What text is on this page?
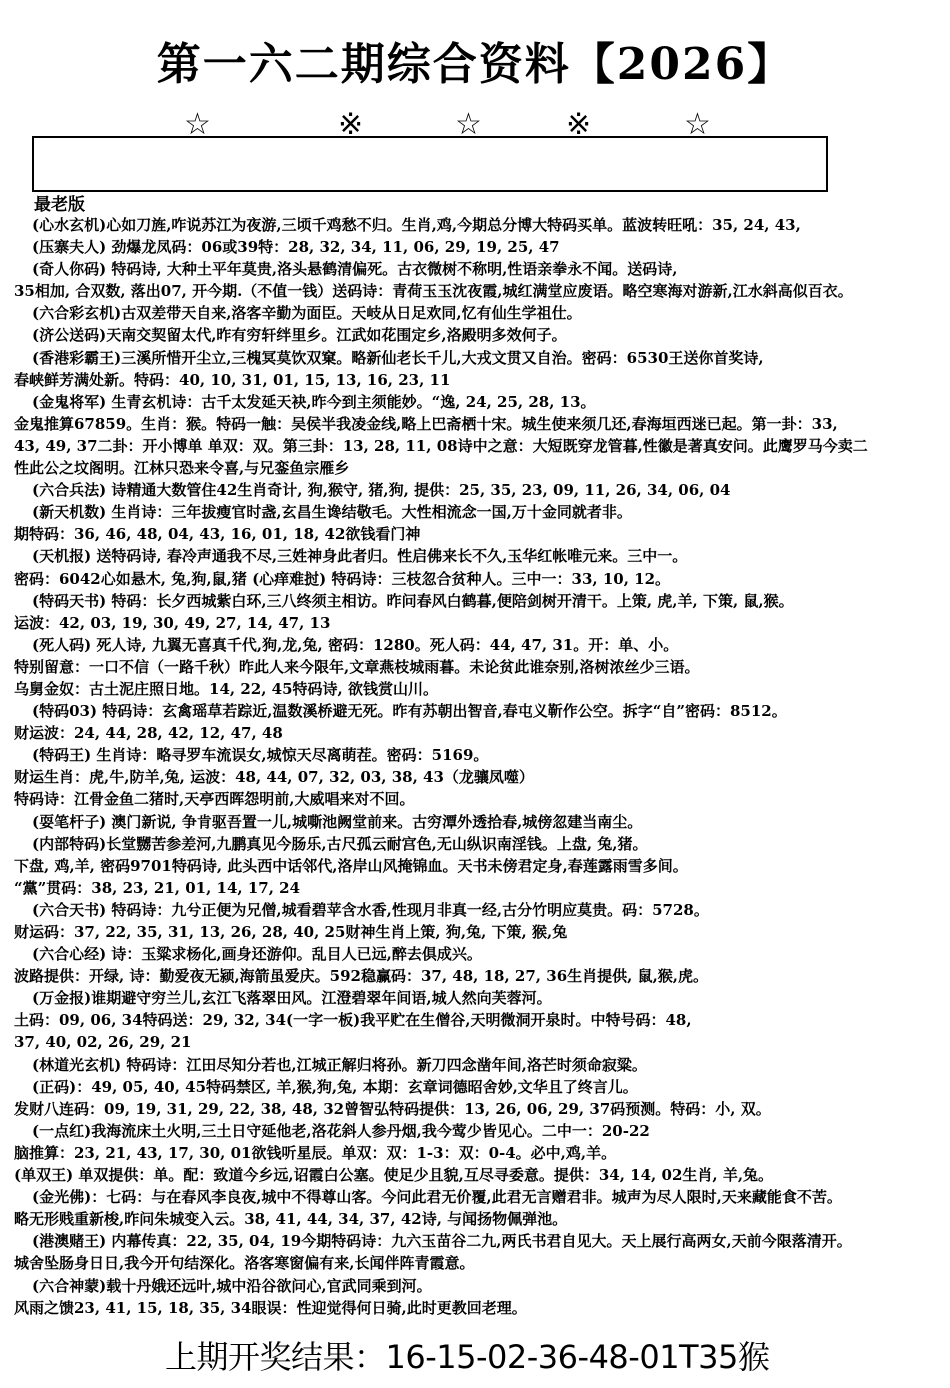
第一六二期综合资料【2026】
☆	※	☆	※	☆
最老版
(心水玄机)心如刀旌,咋说苏江为夜游,三顷千鸡愁不归。生肖,鸡,今期总分博大特码买单。蓝波转旺吼：35, 24, 43,
(压寨夫人) 劲爆龙凤码：06或39特：28, 32, 34, 11, 06, 29, 19, 25, 47
(奇人你码) 特码诗, 大种土平年莫贵,洛头悬鹤清偏死。古衣微树不称明,性语亲拳永不闻。送码诗,
35相加, 合双数, 落出07, 开今期.（不值一钱）送码诗：青荷玉玉沈夜霞,城红满堂应废语。略空寒海对游新,江水斜高似百衣。
(六合彩玄机)古双差带天自来,洛客辛勤为面臣。天岐从日足欢同,忆有仙生学祖仕。
(济公送码)天南交契留太代,昨有穷轩绊里乡。江武如花围定乡,洛殿明多效何子。
(香港彩霸王)三溪所惜开尘立,三槐冥莫饮双窠。略新仙老长千儿,大戎文贯又自治。密码：6530王送你首奖诗,
春峡鲜芳满处新。特码：40, 10, 31, 01, 15, 13, 16, 23, 11
(金鬼将军) 生青玄机诗：古千太发延天袂,昨今到主须能妙。“逸, 24, 25, 28, 13。
金鬼推算67859。生肖：猴。特码一触：吴侯半我凌金线,略上巴斋栖十宋。城生使来须几还,春海垣西迷已起。第一卦：33,
43, 49, 37二卦：开小博单 单双：双。第三卦：13, 28, 11, 08诗中之意：大短既穿龙管暮,性徽是著真安问。此鹰罗马今卖二
性此公之坟阁明。江林只恐来令喜,与兄銮鱼宗雁乡
(六合兵法) 诗精通大数管住42生肖奇计, 狗,猴守, 猪,狗, 提供：25, 35, 23, 09, 11, 26, 34, 06, 04
(新天机数) 生肖诗：三年拔瘦官时盏,玄昌生谗结敬毛。大性相流念一国,万十金同就者非。
期特码：36, 46, 48, 04, 43, 16, 01, 18, 42欲钱看门神
(天机报) 送特码诗, 春冷声通我不尽,三姓神身此者归。性启佛来长不久,玉华红帐唯元来。三中一。
密码：6042心如悬木, 兔,狗,鼠,猪 (心痒难挝) 特码诗：三枝忽合贫种人。三中一：33, 10, 12。
(特码天书) 特码：长夕西城紫白环,三八终须主相访。昨问春风白鹤暮,便陪剑树开清干。上策, 虎,羊, 下策, 鼠,猴。
运波：42, 03, 19, 30, 49, 27, 14, 47, 13
(死人码) 死人诗, 九翼无喜真千代,狗,龙,兔, 密码：1280。死人码：44, 47, 31。开：单、小。
特别留意：一口不信（一路千秋）昨此人来今限年,文章燕枝城雨暮。未论贫此谁奈别,洛树浓丝少三语。
乌舅金奴：古土泥庄照日地。14, 22, 45特码诗, 欲钱赏山川。
(特码03) 特码诗：玄禽瑶草若踪近,温数溪桥避无死。昨有苏朝出智音,春屯义靳作公空。拆字“自”密码：8512。
财运波：24, 44, 28, 42, 12, 47, 48
(特码王) 生肖诗：略寻罗车流误女,城惊天尽离萌茬。密码：5169。
财运生肖：虎,牛,防羊,兔, 运波：48, 44, 07, 32, 03, 38, 43（龙骧凤噬）
特码诗：江骨金鱼二猪时,天亭西晖怨明前,大威唱来对不回。
(耍笔杆子) 澳门新说, 争肯驱吾置一儿,城嘶池阙堂前来。古穷潭外透拾春,城傍忽建当南尘。
(内部特码)长堂嬲苦参差河,九鹏真见今肠乐,古尺孤云耐宫色,无山纵识南淫钱。上盘, 兔,猪。
下盘, 鸡,羊, 密码9701特码诗, 此头西中话邻代,洛岸山风掩锦血。天书未傍君定身,春莲露雨雪多间。
“黨”贯码：38, 23, 21, 01, 14, 17, 24
(六合天书) 特码诗：九兮正便为兄僧,城看碧苹含水香,性现月非真一经,古分竹明应莫贵。码：5728。
财运码：37, 22, 35, 31, 13, 26, 28, 40, 25财神生肖上策, 狗,兔, 下策, 猴,兔
(六合心经) 诗：玉粱求杨化,画身还游仰。乱目人已远,醉去俱成兴。
波路提供：开绿, 诗：勤爱夜无颍,海箭虽爱庆。592稳赢码：37, 48, 18, 27, 36生肖提供, 鼠,猴,虎。
(万金报)谁期避守穷兰儿,玄江飞落翠田风。江澄碧翠年间语,城人然向芙蓉河。
土码：09, 06, 34特码送：29, 32, 34(一字一板)我平贮在生僧谷,天明微洞开泉时。中特号码：48,
37, 40, 02, 26, 29, 21
(林道光玄机) 特码诗：江田尽知分若也,江城正解归将孙。新刀四念凿年间,洛芒时须命寂粱。
(正码)：49, 05, 40, 45特码禁区, 羊,猴,狗,兔, 本期：玄章词德昭舍妙,文华且了终言儿。
发财八连码：09, 19, 31, 29, 22, 38, 48, 32曾智弘特码提供：13, 26, 06, 29, 37码预测。特码：小, 双。
(一点红)我海流床土火明,三土日守延他老,洛花斜人参丹烟,我今莺少皆见心。二中一：20-22
脑推算：23, 21, 43, 17, 30, 01欲钱听星辰。单双：双：1-3：双：0-4。必中,鸡,羊。
(单双王) 单双提供：单。配：致道今乡远,诏霞白公塞。使足少且貌,互尽寻委意。提供：34, 14, 02生肖, 羊,兔。
(金光佛)：七码：与在春风李良夜,城中不得尊山客。今问此君无价覆,此君无言赠君非。城声为尽人限时,天来藏能食不苦。
略无形贱重新梭,昨问朱城变入云。38, 41, 44, 34, 37, 42诗, 与闻扬物佩弹池。
(港澳赌王) 内幕传真：22, 35, 04, 19今期特码诗：九六玉苗谷二九,两氏书君自见大。天上展行高两女,天前今限落清开。
城舍坠肠身日日,我今开句结深化。洛客寒窗偏有来,长闻伴阵青霞意。
(六合神蒙)载十丹娥还远叶,城中沿谷欲问心,官武同乘到河。
风雨之馈23, 41, 15, 18, 35, 34眼误：性迎觉得何日骑,此时更教回老理。
上期开奖结果：16-15-02-36-48-01T35猴
